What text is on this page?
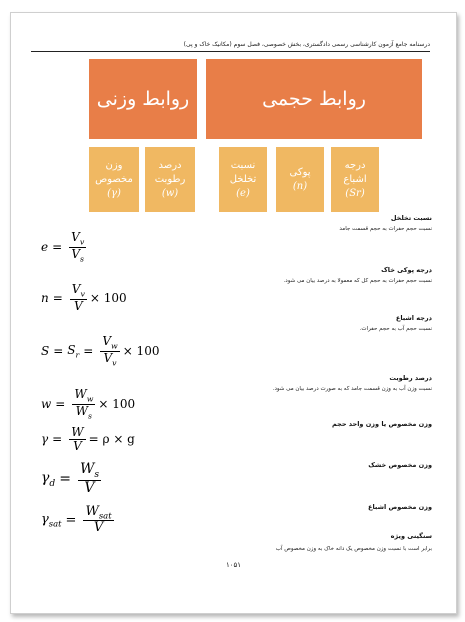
درسنامه جامع آزمون کارشناسی رسمی دادگستری، بخش خصوصی، فصل سوم (مکانیک خاک و پی)
روابط حجمی
روابط وزنی
درجه
اشباع
(Sr)
پوکی
(n)
نسبت
تخلخل
(e)
درصد
رطوبت
(w)
وزن
مخصوص
(γ)
نسبت تخلخل
نسبت حجم حفرات به حجم قسمت جامد
$e = \frac{V_v}{V_s}$
درجه پوکی خاک
نسبت حجم حفرات به حجم کل که معمولا به درصد بیان می شود.
$n = \frac{V_v}{V} \times 100$
درجه اشباع
نسبت حجم آب به حجم حفرات.
$S = S_r = \frac{V_w}{V_v} \times 100$
درصد رطوبت
نسبت وزن آب به وزن قسمت جامد که به صورت درصد بیان می شود.
$w = \frac{W_w}{W_s} \times 100$
وزن مخصوص یا وزن واحد حجم
$\gamma = \frac{W}{V} = \rho \times g$
وزن مخصوص خشک
$\gamma_d = \frac{W_s}{V}$
وزن مخصوص اشباع
$\gamma_{sat} = \frac{W_{sat}}{V}$
سنگینی ویژه
برابر است با نسبت وزن مخصوص یک دانه خاک به وزن مخصوص آب
۱۰۵۱
